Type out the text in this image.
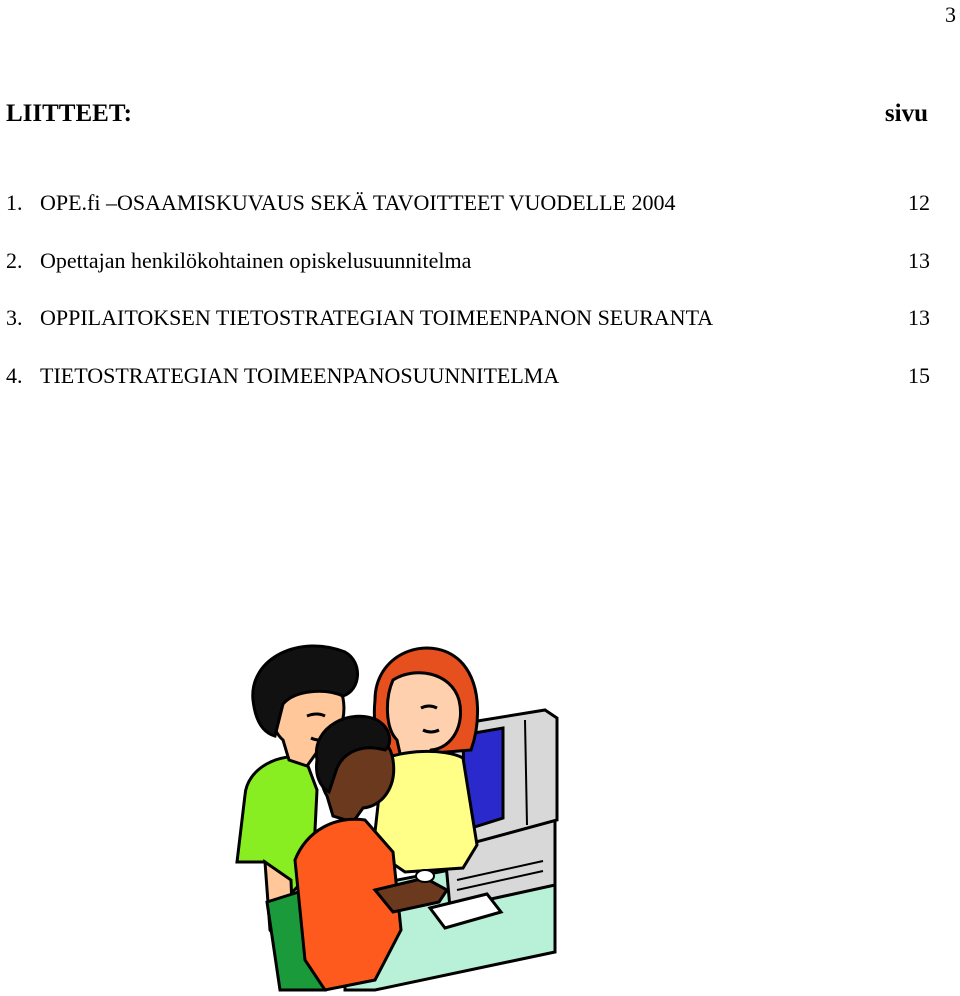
3
LIITTEET:	sivu
1. OPE.fi –OSAAMISKUVAUS SEKÄ TAVOITTEET VUODELLE 2004	12
2. Opettajan henkilökohtainen opiskelusuunnitelma	13
3. OPPILAITOKSEN TIETOSTRATEGIAN TOIMEENPANON SEURANTA	13
4. TIETOSTRATEGIAN TOIMEENPANOSUUNNITELMA	15
